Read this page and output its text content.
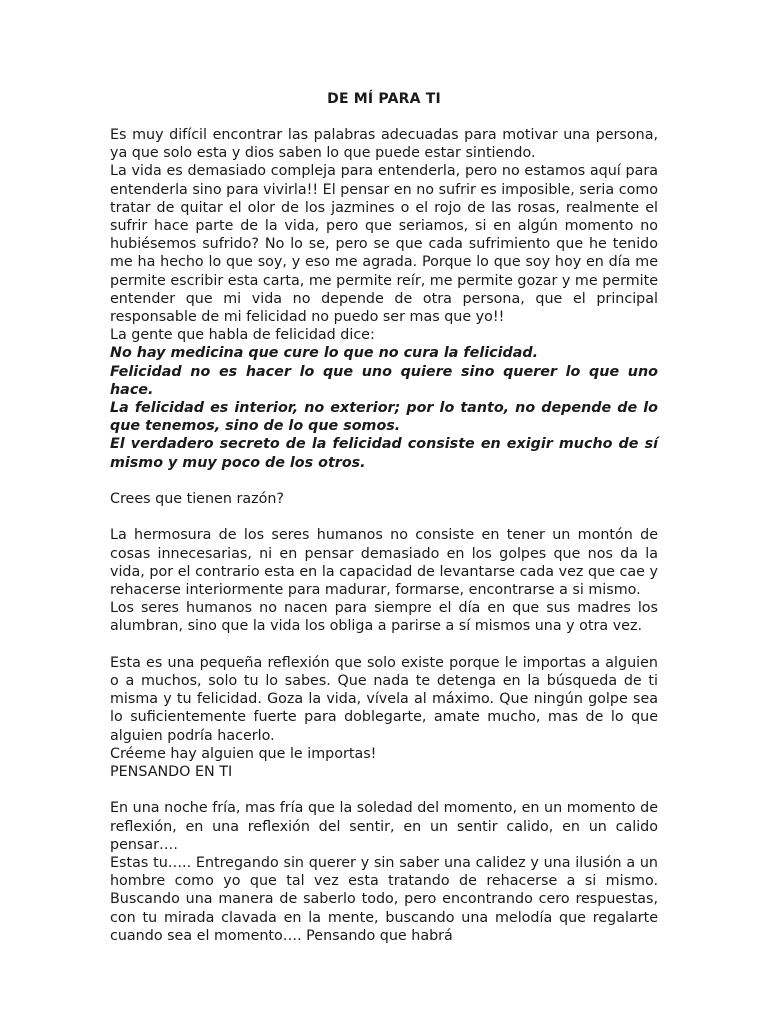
DE MÍ PARA TI

Es muy difícil encontrar las palabras adecuadas para motivar una persona, ya que solo esta y dios saben lo que puede estar sintiendo.

La vida es demasiado compleja para entenderla, pero no estamos aquí para entenderla sino para vivirla!! El pensar en no sufrir es imposible, seria como tratar de quitar el olor de los jazmines o el rojo de las rosas, realmente el sufrir hace parte de la vida, pero que seriamos, si en algún momento no hubiésemos sufrido? No lo se, pero se que cada sufrimiento que he tenido me ha hecho lo que soy, y eso me agrada. Porque lo que soy hoy en día me permite escribir esta carta, me permite reír, me permite gozar y me permite entender que mi vida no depende de otra persona, que el principal responsable de mi felicidad no puedo ser mas que yo!!

La gente que habla de felicidad dice:

No hay medicina que cure lo que no cura la felicidad.

Felicidad no es hacer lo que uno quiere sino querer lo que uno hace.

La felicidad es interior, no exterior; por lo tanto, no depende de lo que tenemos, sino de lo que somos.

El verdadero secreto de la felicidad consiste en exigir mucho de sí mismo y muy poco de los otros.

Crees que tienen razón?

La hermosura de los seres humanos no consiste en tener un montón de cosas innecesarias, ni en pensar demasiado en los golpes que nos da la vida, por el contrario esta en la capacidad de levantarse cada vez que cae y rehacerse interiormente para madurar, formarse, encontrarse a si mismo.

Los seres humanos no nacen para siempre el día en que sus madres los alumbran, sino que la vida los obliga a parirse a sí mismos una y otra vez.

Esta es una pequeña reflexión que solo existe porque le importas a alguien o a muchos, solo tu lo sabes. Que nada te detenga en la búsqueda de ti misma y tu felicidad. Goza la vida, vívela al máximo. Que ningún golpe sea lo suficientemente fuerte para doblegarte, amate mucho, mas de lo que alguien podría hacerlo.

Créeme hay alguien que le importas!

PENSANDO EN TI

En una noche fría, mas fría que la soledad del momento, en un momento de reflexión, en una reflexión del sentir, en un sentir calido, en un calido pensar….

Estas tu….. Entregando sin querer y sin saber una calidez y una ilusión a un hombre como yo que tal vez esta tratando de rehacerse a si mismo. Buscando una manera de saberlo todo, pero encontrando cero respuestas, con tu mirada clavada en la mente, buscando una melodía que regalarte cuando sea el momento…. Pensando que habrá
